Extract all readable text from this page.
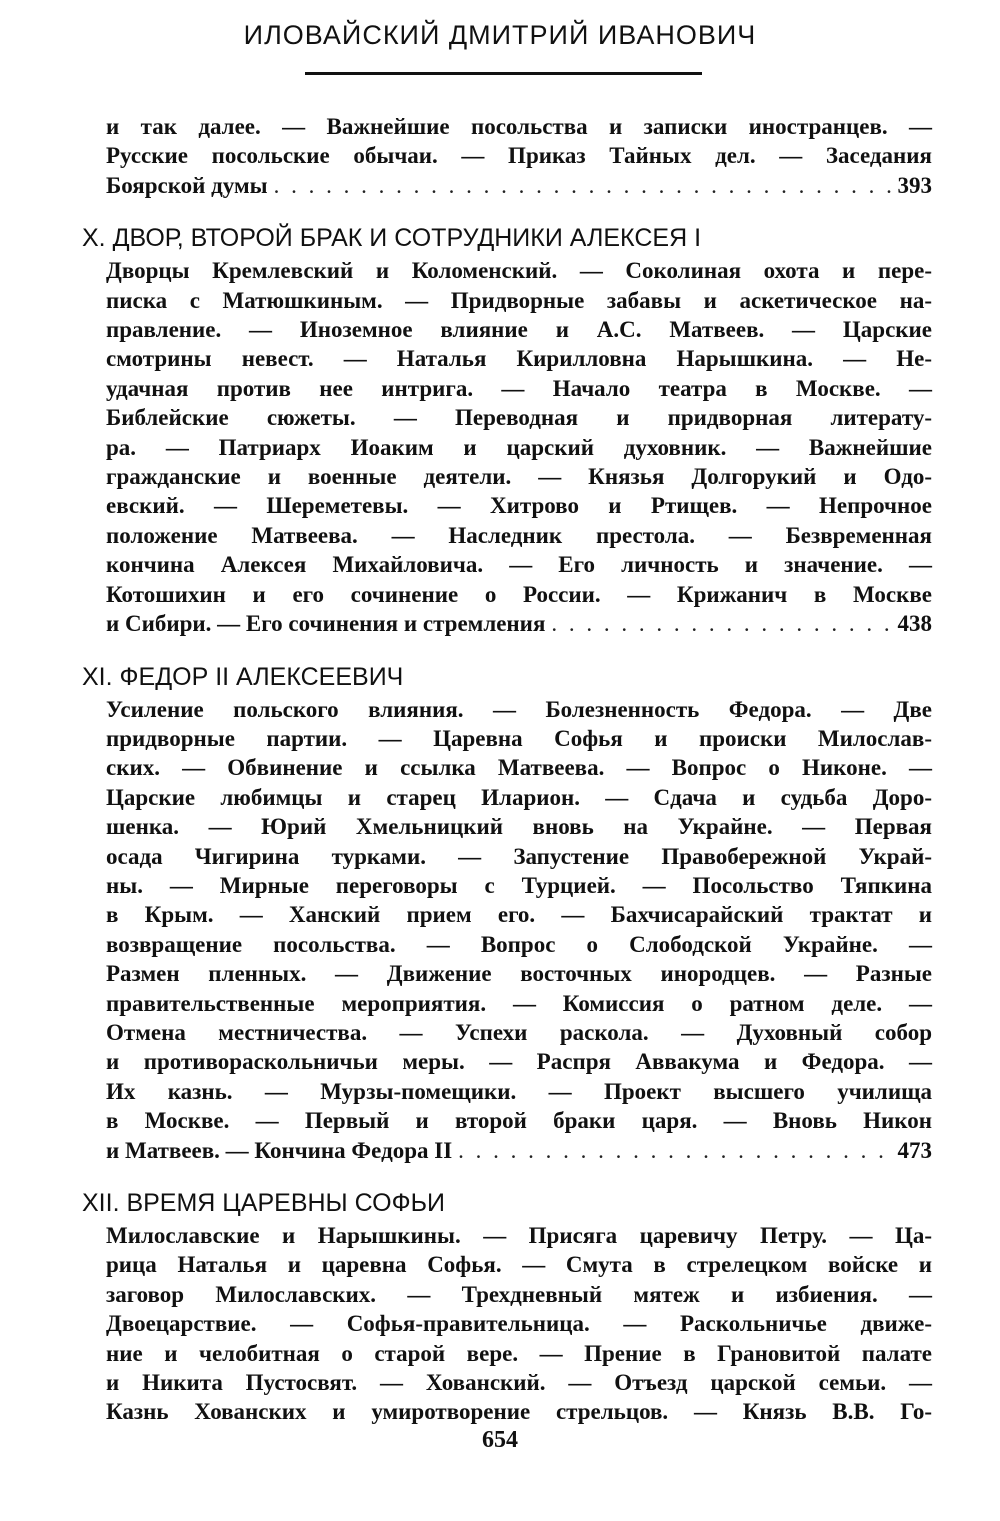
ИЛОВАЙСКИЙ ДМИТРИЙ ИВАНОВИЧ
и так далее. — Важнейшие посольства и записки иностранцев. —
Русские посольские обычаи. — Приказ Тайных дел. — Заседания
Боярской думы . . .	393
X. ДВОР, ВТОРОЙ БРАК И СОТРУДНИКИ АЛЕКСЕЯ I
Дворцы Кремлевский и Коломенский. — Соколиная охота и пере-
писка с Матюшкиным. — Придворные забавы и аскетическое на-
правление. — Иноземное влияние и А.С. Матвеев. — Царские
смотрины невест. — Наталья Кирилловна Нарышкина. — Не-
удачная против нее интрига. — Начало театра в Москве. —
Библейские сюжеты. — Переводная и придворная литерату-
ра. — Патриарх Иоаким и царский духовник. — Важнейшие
гражданские и военные деятели. — Князья Долгорукий и Одо-
евский. — Шереметевы. — Хитрово и Ртищев. — Непрочное
положение Матвеева. — Наследник престола. — Безвременная
кончина Алексея Михайловича. — Его личность и значение. —
Котошихин и его сочинение о России. — Крижанич в Москве
и Сибири. — Его сочинения и стремления . . .	438
XI. ФЕДОР II АЛЕКСЕЕВИЧ
Усиление польского влияния. — Болезненность Федора. — Две
придворные партии. — Царевна Софья и происки Милослав-
ских. — Обвинение и ссылка Матвеева. — Вопрос о Никоне. —
Царские любимцы и старец Иларион. — Сдача и судьба Доро-
шенка. — Юрий Хмельницкий вновь на Украйне. — Первая
осада Чигирина турками. — Запустение Правобережной Украй-
ны. — Мирные переговоры с Турцией. — Посольство Тяпкина
в Крым. — Ханский прием его. — Бахчисарайский трактат и
возвращение посольства. — Вопрос о Слободской Украйне. —
Размен пленных. — Движение восточных инородцев. — Разные
правительственные мероприятия. — Комиссия о ратном деле. —
Отмена местничества. — Успехи раскола. — Духовный собор
и противораскольничьи меры. — Распря Аввакума и Федора. —
Их казнь. — Мурзы-помещики. — Проект высшего училища
в Москве. — Первый и второй браки царя. — Вновь Никон
и Матвеев. — Кончина Федора II . . .	473
XII. ВРЕМЯ ЦАРЕВНЫ СОФЬИ
Милославские и Нарышкины. — Присяга царевичу Петру. — Ца-
рица Наталья и царевна Софья. — Смута в стрелецком войске и
заговор Милославских. — Трехдневный мятеж и избиения. —
Двоецарствие. — Софья-правительница. — Раскольничье движе-
ние и челобитная о старой вере. — Прение в Грановитой палате
и Никита Пустосвят. — Хованский. — Отъезд царской семьи. —
Казнь Хованских и умиротворение стрельцов. — Князь В.В. Го-
654
